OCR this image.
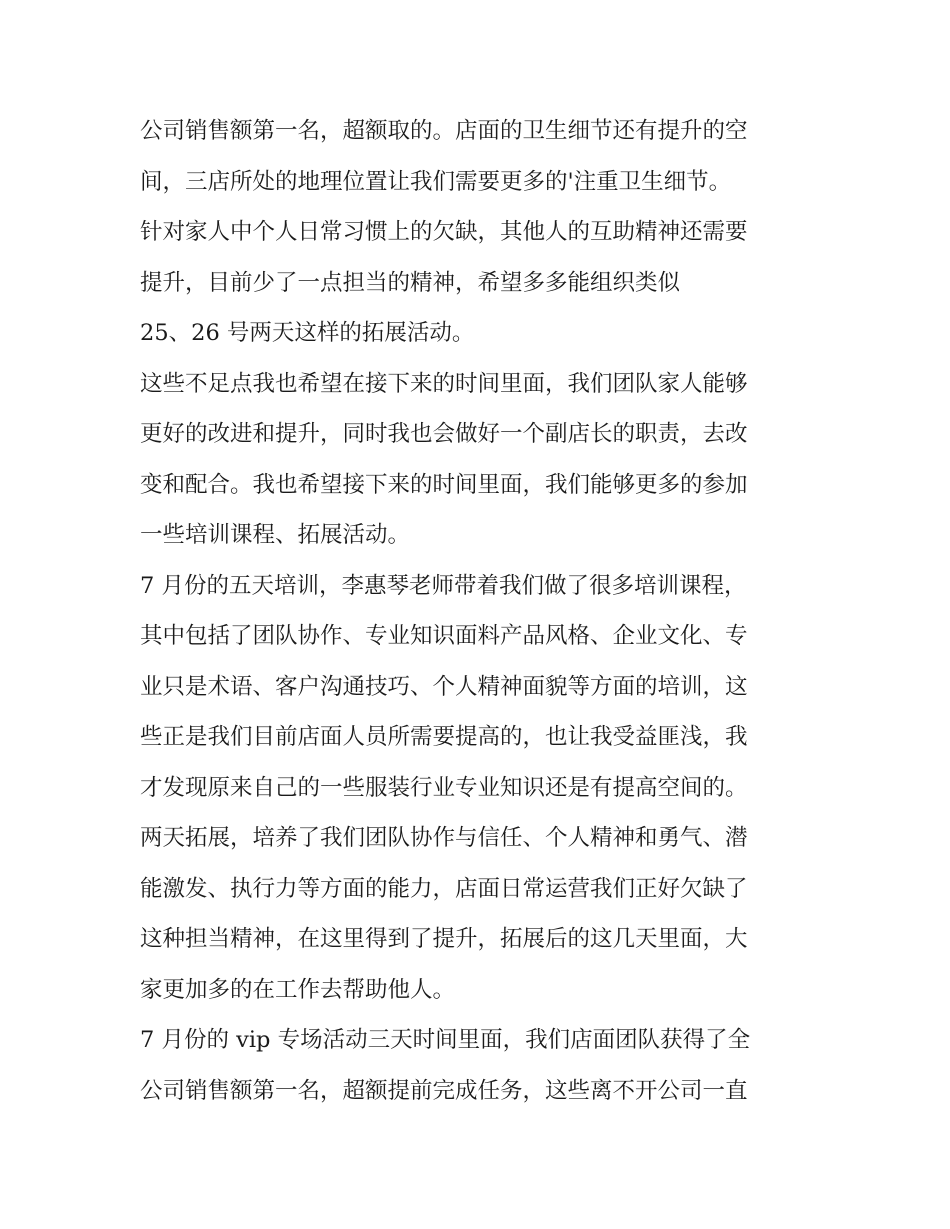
公司销售额第一名，超额取的。店面的卫生细节还有提升的空
间，三店所处的地理位置让我们需要更多的'注重卫生细节。
针对家人中个人日常习惯上的欠缺，其他人的互助精神还需要
提升，目前少了一点担当的精神，希望多多能组织类似
25、26 号两天这样的拓展活动。
这些不足点我也希望在接下来的时间里面，我们团队家人能够
更好的改进和提升，同时我也会做好一个副店长的职责，去改
变和配合。我也希望接下来的时间里面，我们能够更多的参加
一些培训课程、拓展活动。
7 月份的五天培训，李惠琴老师带着我们做了很多培训课程，
其中包括了团队协作、专业知识面料产品风格、企业文化、专
业只是术语、客户沟通技巧、个人精神面貌等方面的培训，这
些正是我们目前店面人员所需要提高的，也让我受益匪浅，我
才发现原来自己的一些服装行业专业知识还是有提高空间的。
两天拓展，培养了我们团队协作与信任、个人精神和勇气、潜
能激发、执行力等方面的能力，店面日常运营我们正好欠缺了
这种担当精神，在这里得到了提升，拓展后的这几天里面，大
家更加多的在工作去帮助他人。
7 月份的 vip 专场活动三天时间里面，我们店面团队获得了全
公司销售额第一名，超额提前完成任务，这些离不开公司一直
